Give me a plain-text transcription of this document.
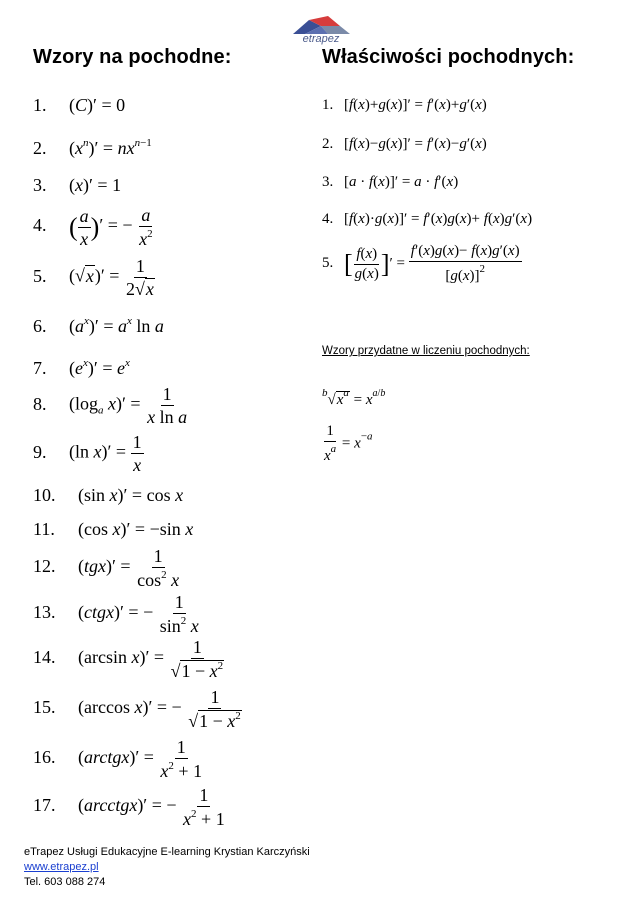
etrapez
Wzory na pochodne:	Właściwości pochodnych:
1. (C)′ = 0
2. $(x^n)' = nx^{n-1}$
3. (x)′ = 1
4. ( $\frac{a}{x}$ )′ = − $\frac{a}{x^2}$
5. $(√x)' = \frac{1}{2√x}$
6. $(a^x)' = a^x$ ln a
7. $(e^x)' = e^x$
8. ($\log_a$ $x)' = \frac{1}{\text{x ln a}}$
9. (ln $x)' = \frac{1}{x}$
10. (sin x)′ = cos x
11. (cos x)′ = −sin x
12. $(tgx)' = \frac{1}{\cos^2 x}$
13. (ctgx)′ = − $\frac{1}{\sin^2 x}$
14. (arcsin $x)' = \frac{1}{√1 - x^2}$
15. (arccos x)′ = − $\frac{1}{√1 - x^2}$
16. (arctgx)′ = $\frac{1}{x^2 + 1}$
17. (arcctgx)′ = − $\frac{1}{x^2 + 1}$
1. [f(x)+g(x)]′ = f′(x)+g′(x)
2. [f(x)−g(x)]′ = f′(x)−g′(x)
3. [a · f(x)]′ = a · f′(x)
4. [f(x)·g(x)]′ = f′(x)g(x)+ f(x)g′(x)
5. [ $\frac{f(x)}{g(x)}$ ]′ = $\frac{f'(x)g(x)- f(x)g'(x)}{[g(x)]^2}$
Wzory przydatne w liczeniu pochodnych:
$^b√x^a = x^{a/b}$
$\frac{1}{x^a} = x^{-a}$
eTrapez Usługi Edukacyjne E-learning Krystian Karczyński
www.etrapez.pl
Tel. 603 088 274
